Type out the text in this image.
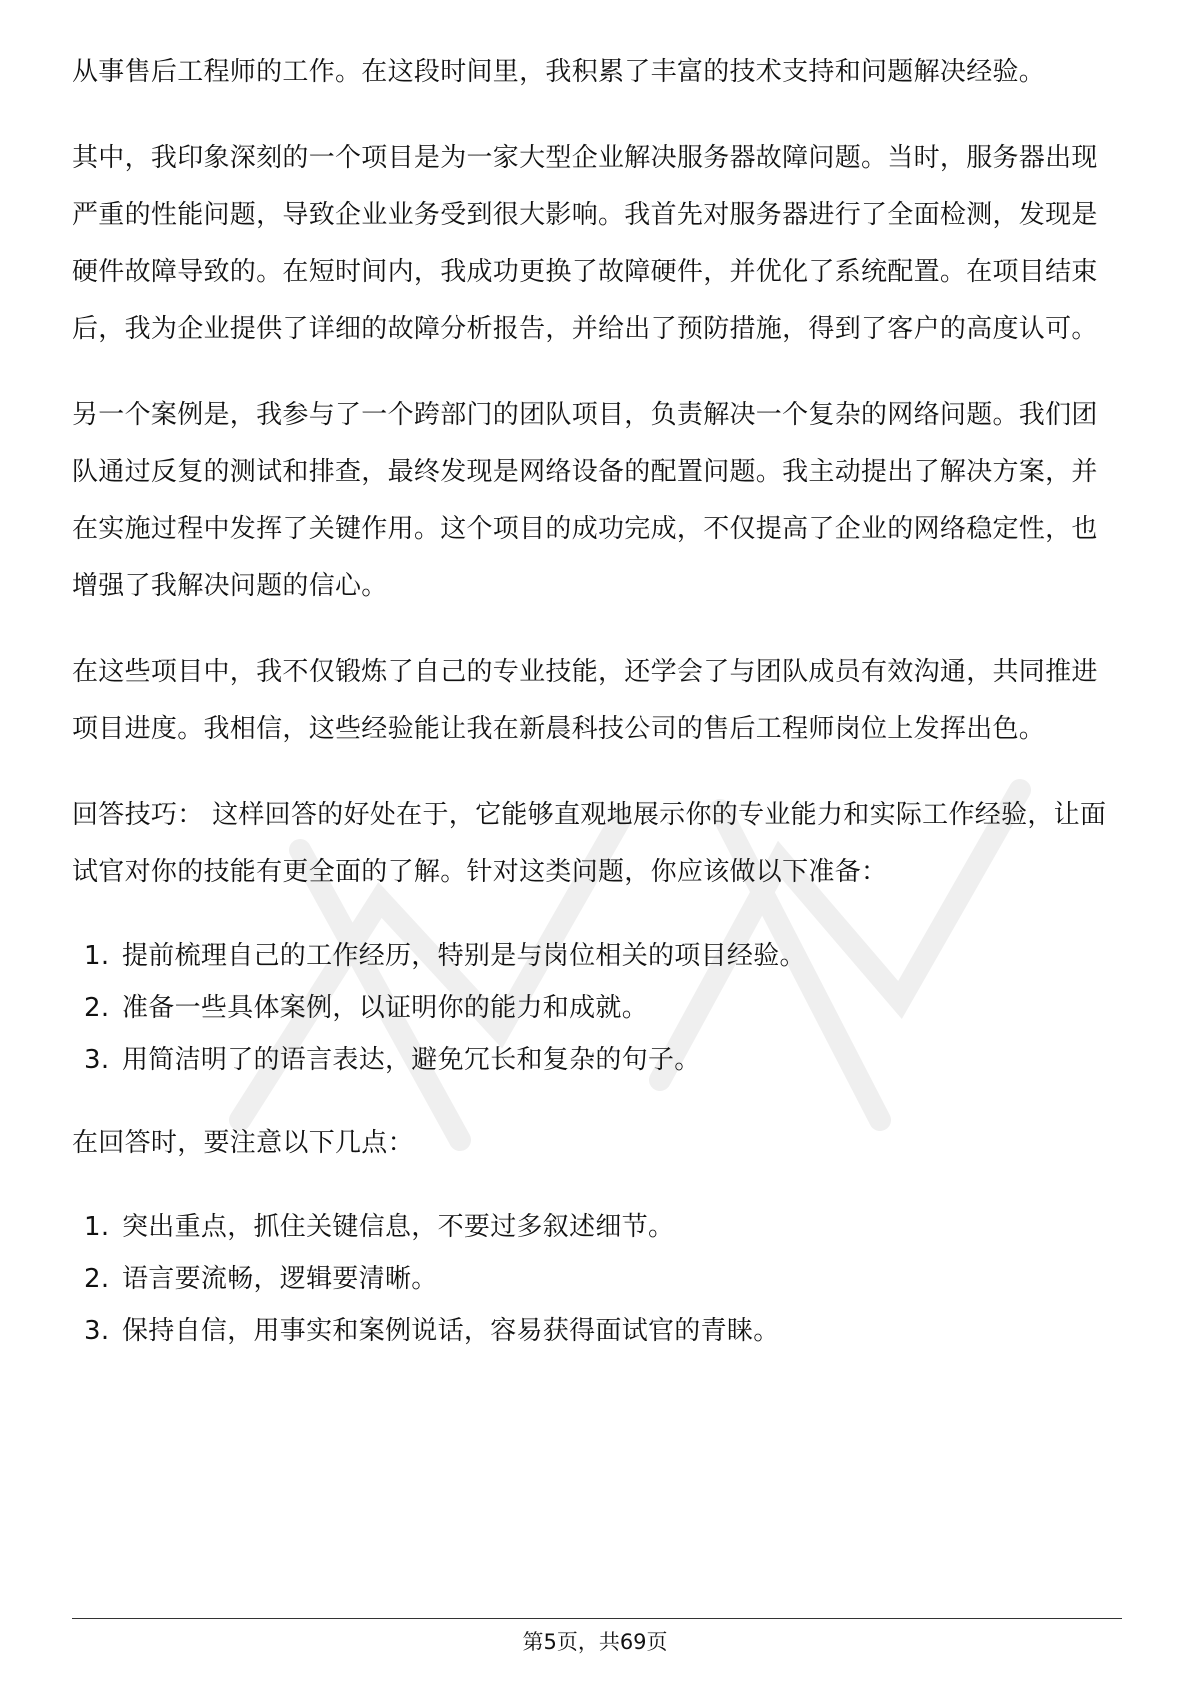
从事售后工程师的工作。在这段时间里，我积累了丰富的技术支持和问题解决经验。

其中，我印象深刻的一个项目是为一家大型企业解决服务器故障问题。当时，服务器出现严重的性能问题，导致企业业务受到很大影响。我首先对服务器进行了全面检测，发现是硬件故障导致的。在短时间内，我成功更换了故障硬件，并优化了系统配置。在项目结束后，我为企业提供了详细的故障分析报告，并给出了预防措施，得到了客户的高度认可。

另一个案例是，我参与了一个跨部门的团队项目，负责解决一个复杂的网络问题。我们团队通过反复的测试和排查，最终发现是网络设备的配置问题。我主动提出了解决方案，并在实施过程中发挥了关键作用。这个项目的成功完成，不仅提高了企业的网络稳定性，也增强了我解决问题的信心。

在这些项目中，我不仅锻炼了自己的专业技能，还学会了与团队成员有效沟通，共同推进项目进度。我相信，这些经验能让我在新晨科技公司的售后工程师岗位上发挥出色。

回答技巧： 这样回答的好处在于，它能够直观地展示你的专业能力和实际工作经验，让面试官对你的技能有更全面的了解。针对这类问题，你应该做以下准备：

1. 提前梳理自己的工作经历，特别是与岗位相关的项目经验。
2. 准备一些具体案例，以证明你的能力和成就。
3. 用简洁明了的语言表达，避免冗长和复杂的句子。

在回答时，要注意以下几点：

1. 突出重点，抓住关键信息，不要过多叙述细节。
2. 语言要流畅，逻辑要清晰。
3. 保持自信，用事实和案例说话，容易获得面试官的青睐。
第5页，共69页
